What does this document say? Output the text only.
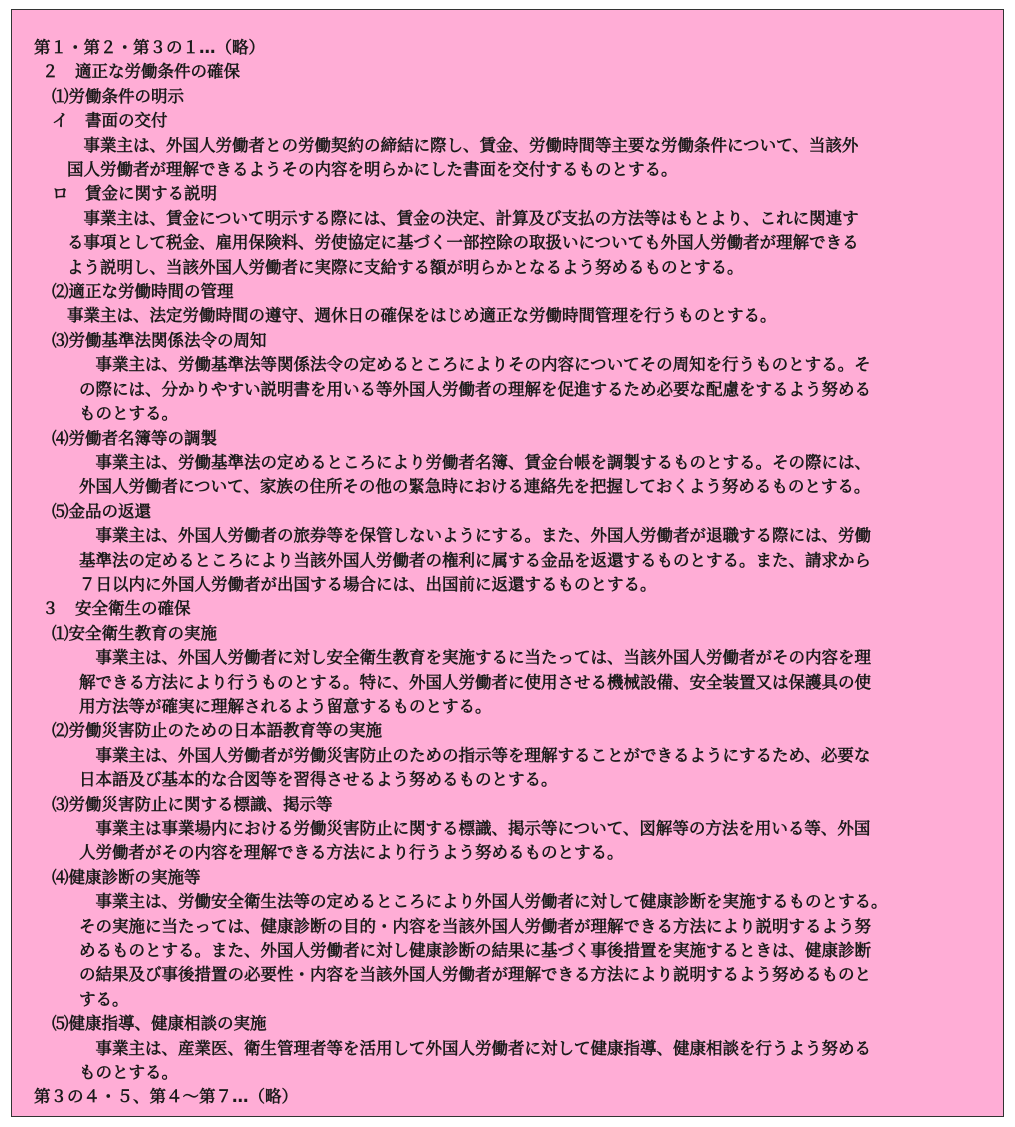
第１・第２・第３の１…（略）
２　適正な労働条件の確保
⑴労働条件の明示
イ　書面の交付
　事業主は、外国人労働者との労働契約の締結に際し、賃金、労働時間等主要な労働条件について、当該外
国人労働者が理解できるようその内容を明らかにした書面を交付するものとする。
ロ　賃金に関する説明
　事業主は、賃金について明示する際には、賃金の決定、計算及び支払の方法等はもとより、これに関連す
る事項として税金、雇用保険料、労使協定に基づく一部控除の取扱いについても外国人労働者が理解できる
よう説明し、当該外国人労働者に実際に支給する額が明らかとなるよう努めるものとする。
⑵適正な労働時間の管理
事業主は、法定労働時間の遵守、週休日の確保をはじめ適正な労働時間管理を行うものとする。
⑶労働基準法関係法令の周知
　事業主は、労働基準法等関係法令の定めるところによりその内容についてその周知を行うものとする。そ
の際には、分かりやすい説明書を用いる等外国人労働者の理解を促進するため必要な配慮をするよう努める
ものとする。
⑷労働者名簿等の調製
　事業主は、労働基準法の定めるところにより労働者名簿、賃金台帳を調製するものとする。その際には、
外国人労働者について、家族の住所その他の緊急時における連絡先を把握しておくよう努めるものとする。
⑸金品の返還
　事業主は、外国人労働者の旅券等を保管しないようにする。また、外国人労働者が退職する際には、労働
基準法の定めるところにより当該外国人労働者の権利に属する金品を返還するものとする。また、請求から
７日以内に外国人労働者が出国する場合には、出国前に返還するものとする。
３　安全衛生の確保
⑴安全衛生教育の実施
　事業主は、外国人労働者に対し安全衛生教育を実施するに当たっては、当該外国人労働者がその内容を理
解できる方法により行うものとする。特に、外国人労働者に使用させる機械設備、安全装置又は保護具の使
用方法等が確実に理解されるよう留意するものとする。
⑵労働災害防止のための日本語教育等の実施
　事業主は、外国人労働者が労働災害防止のための指示等を理解することができるようにするため、必要な
日本語及び基本的な合図等を習得させるよう努めるものとする。
⑶労働災害防止に関する標識、掲示等
　事業主は事業場内における労働災害防止に関する標識、掲示等について、図解等の方法を用いる等、外国
人労働者がその内容を理解できる方法により行うよう努めるものとする。
⑷健康診断の実施等
　事業主は、労働安全衛生法等の定めるところにより外国人労働者に対して健康診断を実施するものとする。
その実施に当たっては、健康診断の目的・内容を当該外国人労働者が理解できる方法により説明するよう努
めるものとする。また、外国人労働者に対し健康診断の結果に基づく事後措置を実施するときは、健康診断
の結果及び事後措置の必要性・内容を当該外国人労働者が理解できる方法により説明するよう努めるものと
する。
⑸健康指導、健康相談の実施
　事業主は、産業医、衛生管理者等を活用して外国人労働者に対して健康指導、健康相談を行うよう努める
ものとする。
第３の４・５、第４～第７…（略）
